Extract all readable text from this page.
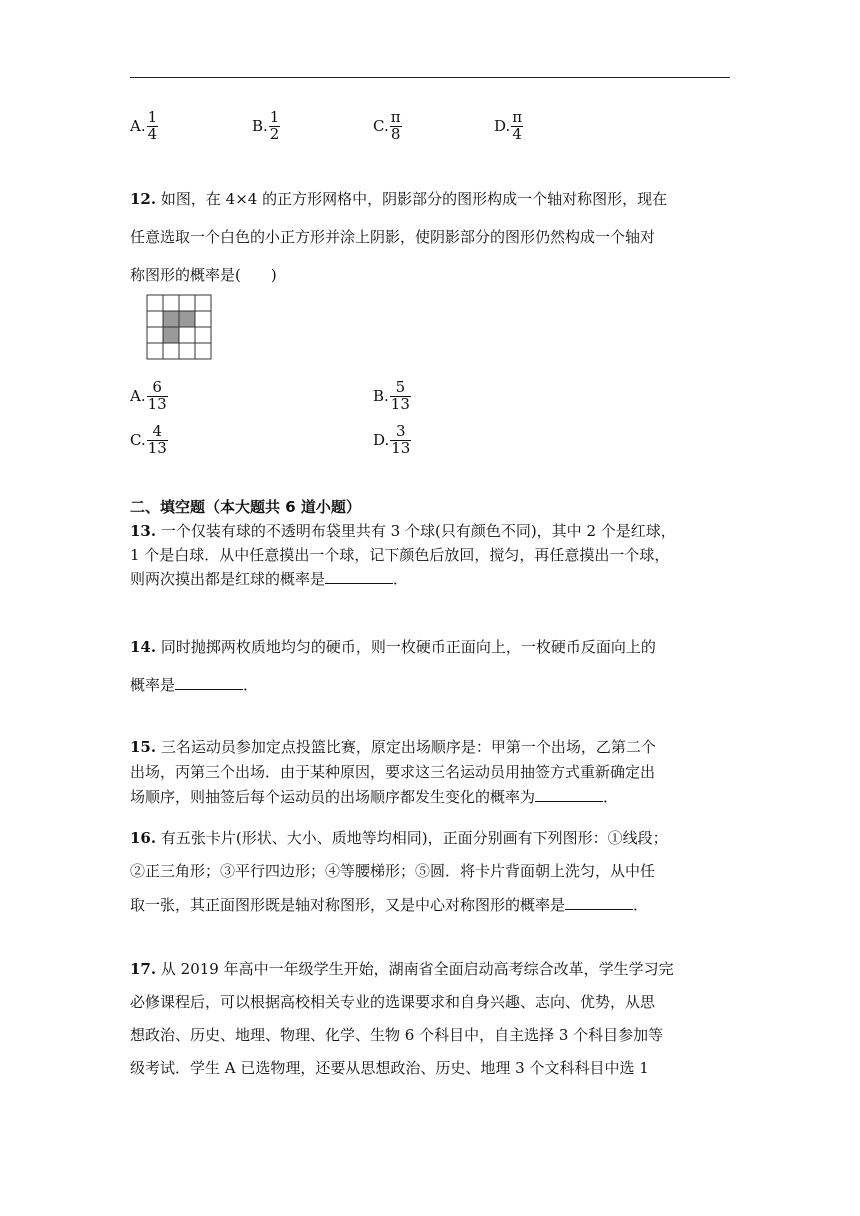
A. $\frac{1}{4}$	B. $\frac{1}{2}$	C. $\frac{\pi}{8}$	D. $\frac{\pi}{4}$
12. 如图，在 4×4 的正方形网格中，阴影部分的图形构成一个轴对称图形，现在
任意选取一个白色的小正方形并涂上阴影，使阴影部分的图形仍然构成一个轴对
称图形的概率是(　　)
A. $\frac{6}{13}$	B. $\frac{5}{13}$
C. $\frac{4}{13}$	D. $\frac{3}{13}$
二、填空题（本大题共 6 道小题）
13. 一个仅装有球的不透明布袋里共有 3 个球(只有颜色不同)，其中 2 个是红球，
1 个是白球．从中任意摸出一个球，记下颜色后放回，搅匀，再任意摸出一个球，
则两次摸出都是红球的概率是	．
14. 同时抛掷两枚质地均匀的硬币，则一枚硬币正面向上，一枚硬币反面向上的
概率是	．
15. 三名运动员参加定点投篮比赛，原定出场顺序是：甲第一个出场，乙第二个
出场，丙第三个出场．由于某种原因，要求这三名运动员用抽签方式重新确定出
场顺序，则抽签后每个运动员的出场顺序都发生变化的概率为	．
16. 有五张卡片(形状、大小、质地等均相同)，正面分别画有下列图形：①线段；
②正三角形；③平行四边形；④等腰梯形；⑤圆．将卡片背面朝上洗匀，从中任
取一张，其正面图形既是轴对称图形，又是中心对称图形的概率是	．
17. 从 2019 年高中一年级学生开始，湖南省全面启动高考综合改革，学生学习完
必修课程后，可以根据高校相关专业的选课要求和自身兴趣、志向、优势，从思
想政治、历史、地理、物理、化学、生物 6 个科目中，自主选择 3 个科目参加等
级考试．学生 A 已选物理，还要从思想政治、历史、地理 3 个文科科目中选 1
